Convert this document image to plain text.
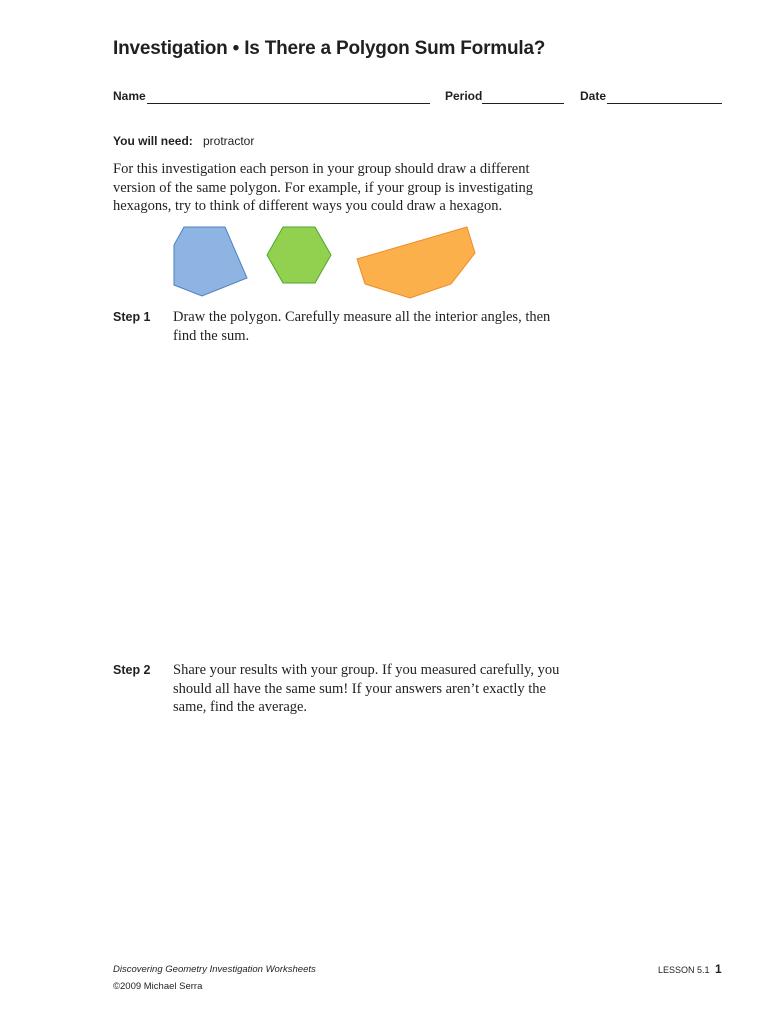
Investigation • Is There a Polygon Sum Formula?
Name	Period	Date
You will need: protractor

For this investigation each person in your group should draw a different
version of the same polygon. For example, if your group is investigating
hexagons, try to think of different ways you could draw a hexagon.

Step 1 Draw the polygon. Carefully measure all the interior angles, then
find the sum.

Step 2 Share your results with your group. If you measured carefully, you
should all have the same sum! If your answers aren’t exactly the
same, find the average.

Discovering Geometry Investigation Worksheets
©2009 Michael Serra
LESSON 5.1 1
